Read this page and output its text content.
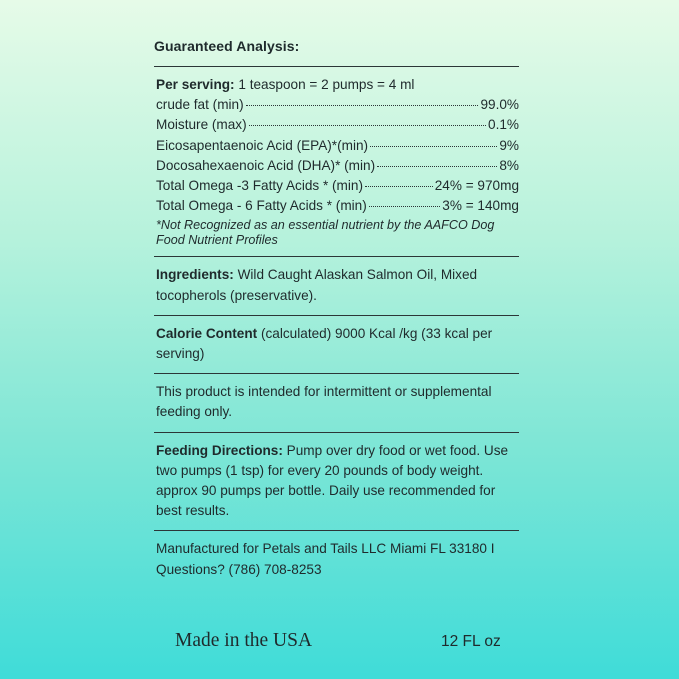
Guaranteed Analysis:
Per serving: 1 teaspoon = 2 pumps = 4 ml
crude fat (min)	99.0%
Moisture (max)	0.1%
Eicosapentaenoic Acid (EPA)*(min)	9%
Docosahexaenoic Acid (DHA)* (min)	8%
Total Omega -3 Fatty Acids * (min)	24% = 970mg
Total Omega - 6 Fatty Acids * (min)	3% = 140mg
*Not Recognized as an essential nutrient by the AAFCO Dog Food Nutrient Profiles
Ingredients: Wild Caught Alaskan Salmon Oil, Mixed tocopherols (preservative).
Calorie Content (calculated) 9000 Kcal /kg (33 kcal per serving)
This product is intended for intermittent or supplemental feeding only.
Feeding Directions: Pump over dry food or wet food. Use two pumps (1 tsp) for every 20 pounds of body weight. approx 90 pumps per bottle. Daily use recommended for best results.
Manufactured for Petals and Tails LLC Miami FL 33180 I Questions? (786) 708-8253
Made in the USA	12 FL oz
